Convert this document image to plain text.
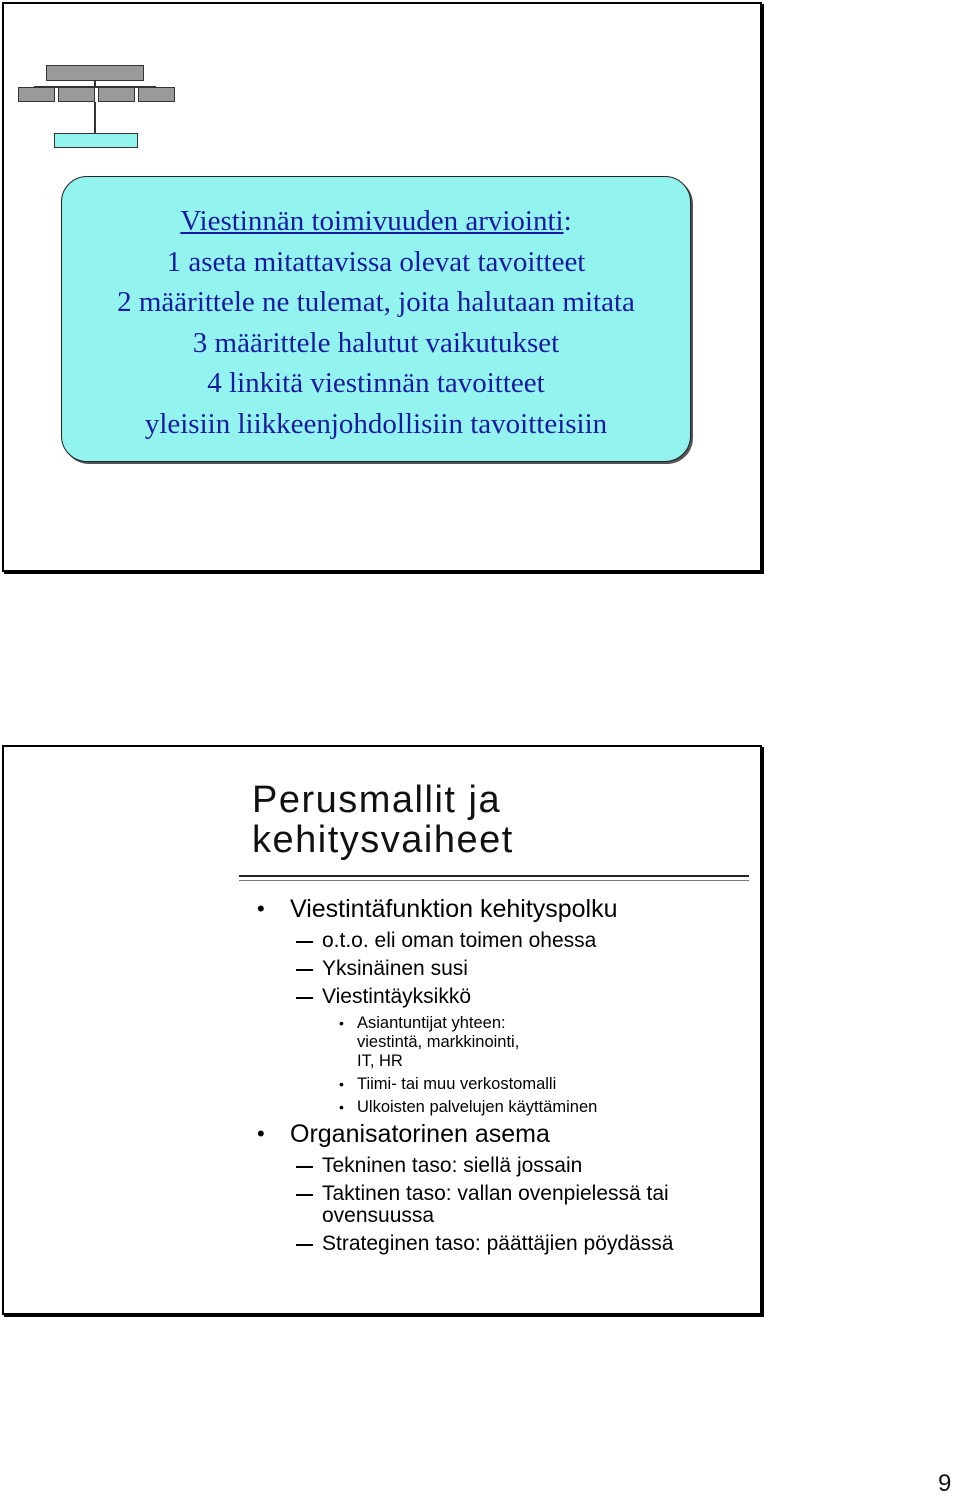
Viestinnän toimivuuden arviointi:
1 aseta mitattavissa olevat tavoitteet
2 määrittele ne tulemat, joita halutaan mitata
3 määrittele halutut vaikutukset
4 linkitä viestinnän tavoitteet
yleisiin liikkeenjohdollisiin tavoitteisiin
Perusmallit ja
kehitysvaiheet
• Viestintäfunktion kehityspolku
o.t.o. eli oman toimen ohessa
Yksinäinen susi
Viestintäyksikkö
• Asiantuntijat yhteen: viestintä, markkinointi, IT, HR
• Tiimi- tai muu verkostomalli
• Ulkoisten palvelujen käyttäminen
• Organisatorinen asema
Tekninen taso: siellä jossain
Taktinen taso: vallan ovenpielessä tai ovensuussa
Strateginen taso: päättäjien pöydässä
9
